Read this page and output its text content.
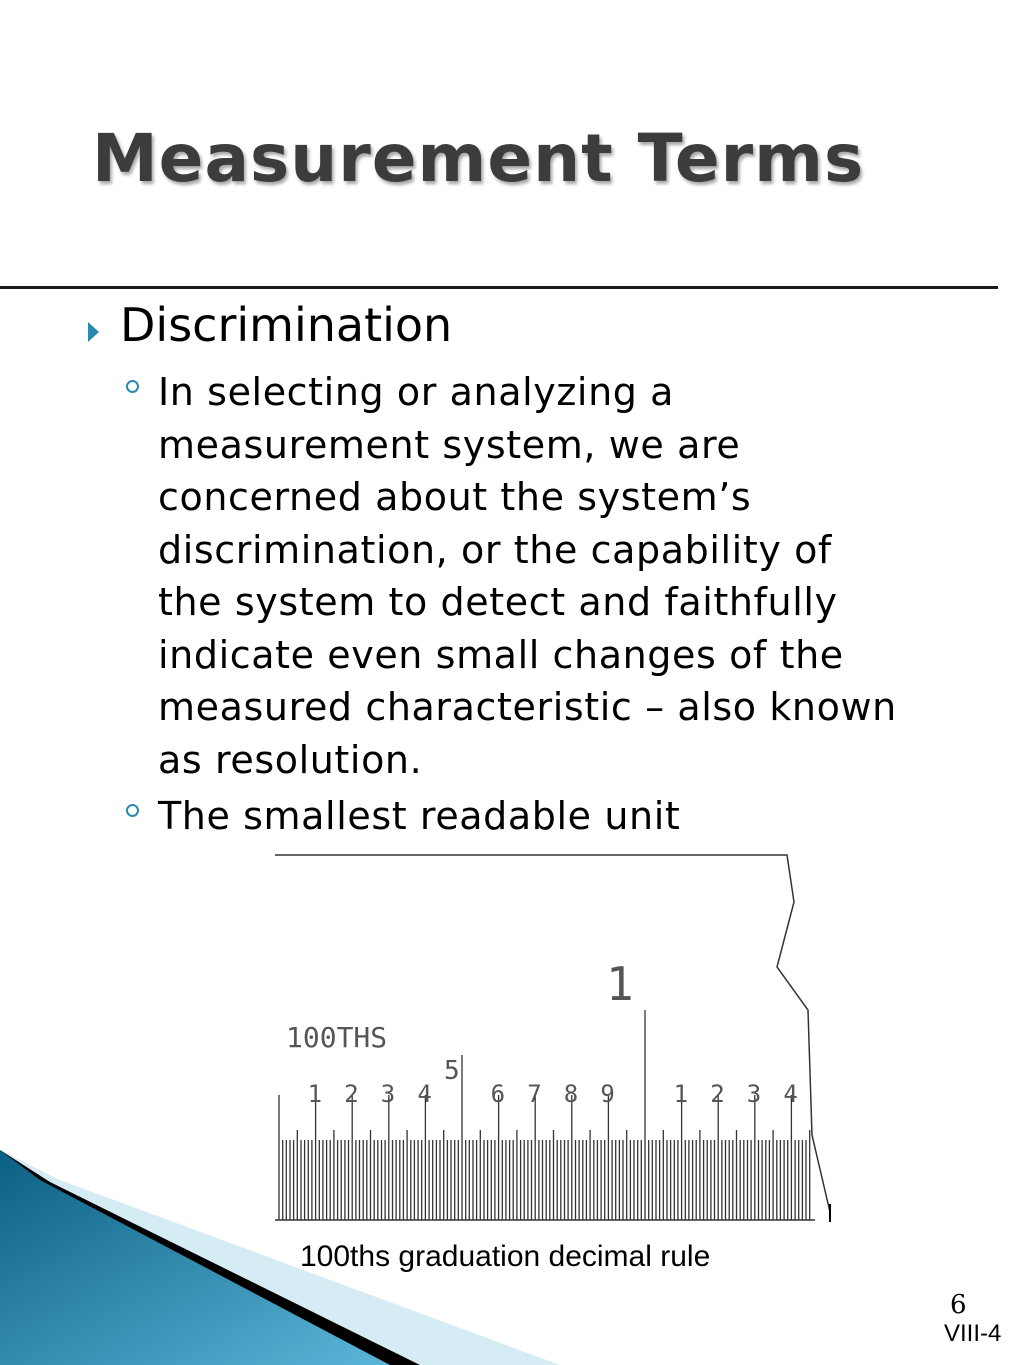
Measurement Terms
Discrimination

In selecting or analyzing a

measurement system, we are

concerned about the system’s

discrimination, or the capability of

the system to detect and faithfully

indicate even small changes of the

measured characteristic – also known

as resolution.

The smallest readable unit

100THS
1
5
1 2 3 4 6 7 8 9 1 2 3 4
100ths graduation decimal rule
6
VIII-4
